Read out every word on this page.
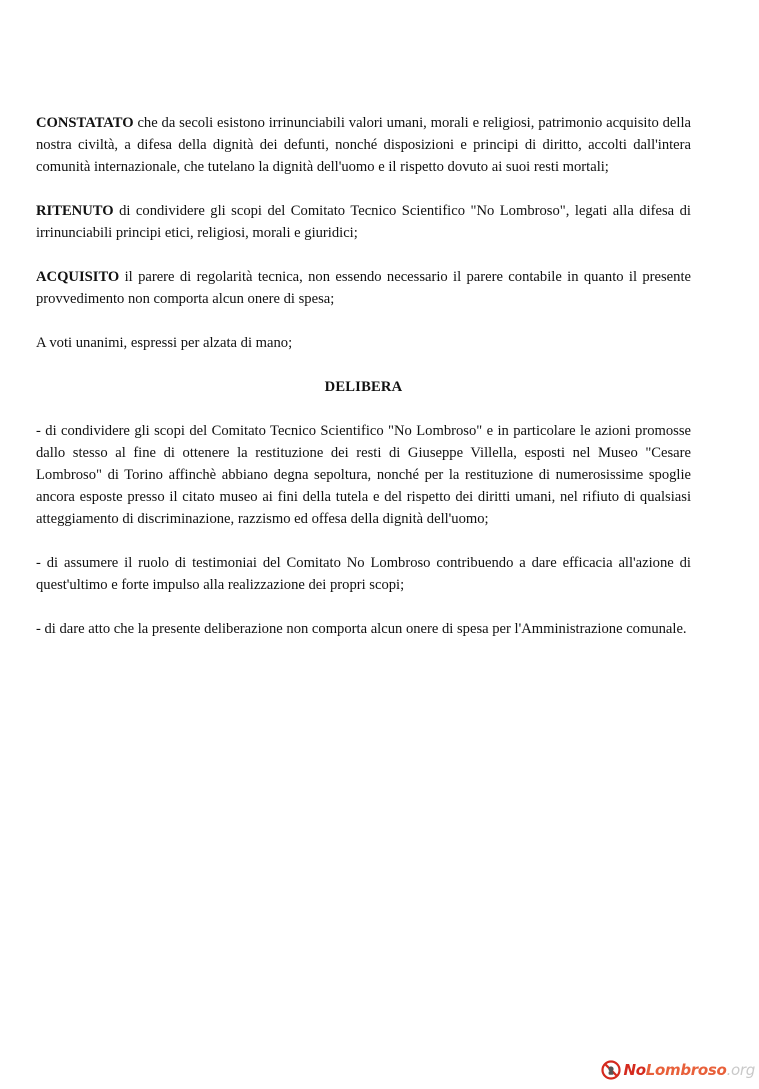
CONSTATATO che da secoli esistono irrinunciabili valori umani, morali e religiosi, patrimonio acquisito della nostra civiltà, a difesa della dignità dei defunti, nonché disposizioni e principi di diritto, accolti dall'intera comunità internazionale, che tutelano la dignità dell'uomo e il rispetto dovuto ai suoi resti mortali;

RITENUTO di condividere gli scopi del Comitato Tecnico Scientifico "No Lombroso", legati alla difesa di irrinunciabili principi etici, religiosi, morali e giuridici;

ACQUISITO il parere di regolarità tecnica, non essendo necessario il parere contabile in quanto il presente provvedimento non comporta alcun onere di spesa;

A voti unanimi, espressi per alzata di mano;

DELIBERA

- di condividere gli scopi del Comitato Tecnico Scientifico "No Lombroso" e in particolare le azioni promosse dallo stesso al fine di ottenere la restituzione dei resti di Giuseppe Villella, esposti nel Museo "Cesare Lombroso" di Torino affinchè abbiano degna sepoltura, nonché per la restituzione di numerosissime spoglie ancora esposte presso il citato museo ai fini della tutela e del rispetto dei diritti umani, nel rifiuto di qualsiasi atteggiamento di discriminazione, razzismo ed offesa della dignità dell'uomo;

- di assumere il ruolo di testimoniai del Comitato No Lombroso contribuendo a dare efficacia all'azione di quest'ultimo e forte impulso alla realizzazione dei propri scopi;

- di dare atto che la presente deliberazione non comporta alcun onere di spesa per l'Amministrazione comunale.

NoLombroso.org
